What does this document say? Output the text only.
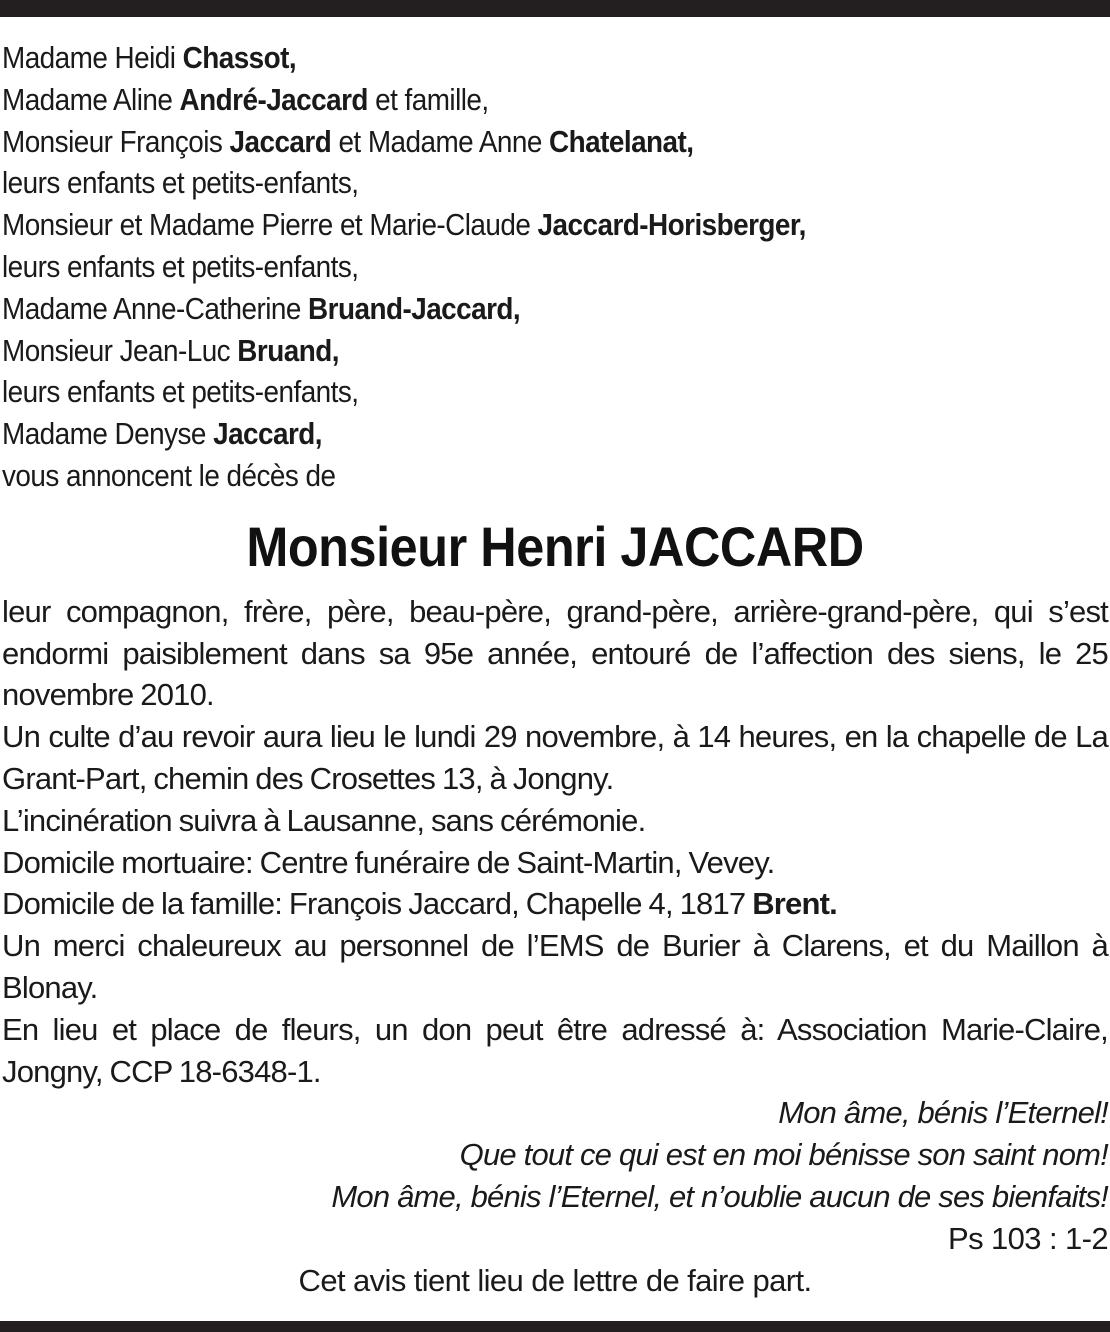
Madame Heidi Chassot,
Madame Aline André-Jaccard et famille,
Monsieur François Jaccard et Madame Anne Chatelanat,
leurs enfants et petits-enfants,
Monsieur et Madame Pierre et Marie-Claude Jaccard-Horisberger,
leurs enfants et petits-enfants,
Madame Anne-Catherine Bruand-Jaccard,
Monsieur Jean-Luc Bruand,
leurs enfants et petits-enfants,
Madame Denyse Jaccard,
vous annoncent le décès de
Monsieur Henri JACCARD
leur compagnon, frère, père, beau-père, grand-père, arrière-grand-père, qui s’est endormi paisiblement dans sa 95e année, entouré de l’affection des siens, le 25 novembre 2010.
Un culte d’au revoir aura lieu le lundi 29 novembre, à 14 heures, en la chapelle de La Grant-Part, chemin des Crosettes 13, à Jongny.
L’incinération suivra à Lausanne, sans cérémonie.
Domicile mortuaire: Centre funéraire de Saint-Martin, Vevey.
Domicile de la famille: François Jaccard, Chapelle 4, 1817 Brent.
Un merci chaleureux au personnel de l’EMS de Burier à Clarens, et du Maillon à Blonay.
En lieu et place de fleurs, un don peut être adressé à: Association Marie-Claire, Jongny, CCP 18-6348-1.
Mon âme, bénis l’Eternel!
Que tout ce qui est en moi bénisse son saint nom!
Mon âme, bénis l’Eternel, et n’oublie aucun de ses bienfaits!
Ps 103 : 1-2
Cet avis tient lieu de lettre de faire part.
